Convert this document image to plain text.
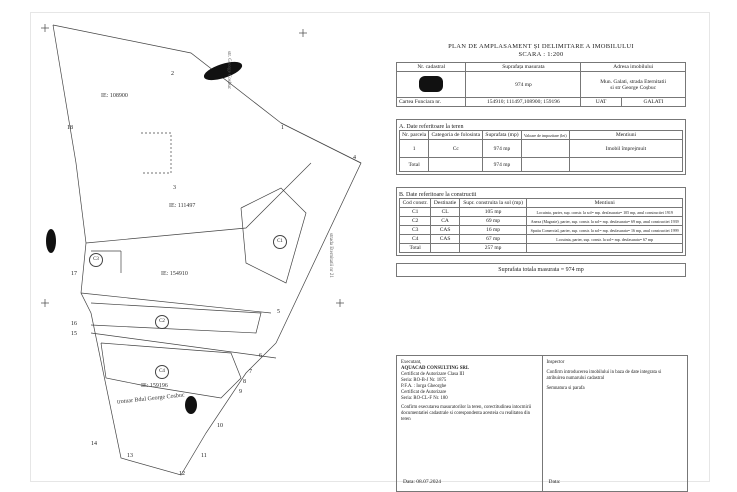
IE: 108900
IE: 111497
IE: 154910
IE: 159196
str. George Cosbuc
strada Eternitatii nr 21
trotuar Bdul George Cosbuc
C1
C2
C3
C4
1
2
3
4
5
6
7
8
9
10
11
12
13
14
15
16
17
18
PLAN DE AMPLASAMENT ȘI DELIMITARE A IMOBILULUI
SCARA : 1:200
Nr. cadastral	Suprafața masurata	Adresa imobilului	
	974 mp	Mun. Galati, strada Eternitatii
si str George Coșbuc	

Cartea Funciara nr.	154910; 111497,108900; 159196	UAT	GALATI
A. Date referitoare la teren
Nr. parcela	Categoria de folosinta	Suprafata (mp)	Valoare de impozitare (lei)	Mentiuni
1	Cc	974 mp		Imobil împrejmuit
Total		974 mp		
B. Date referitoare la constructii
Cod constr.	Destinatie	Supr. construita la sol (mp)	Mentiuni
C1	CL	105 mp	Locuinta, parter, sup. constr. la sol= mp. desfasurata= 105 mp, anul constructiei 1919
C2	CA	69 mp	Anexa (Magazie), parter, sup. constr. la sol= mp. desfasurata= 69 mp, anul constructiei 1939
C3	CAS	16 mp	Spatiu Comercial, parter, sup. constr. la sol= mp. desfasurata= 16 mp, anul constructiei 1999
C4	CAS	67 mp	Locuinta, parter, sup. constr. la sol= mp. desfasurata= 67 mp
Total		257 mp	
Suprafata totala masurata = 974 mp
Executant,
AQUACAD CONSULTING SRL
Certificat de Autorizare Clasa III
Seria: RO-B-J Nr. 1875
P.F.A. : Iorga Gheorghe
Certificat de Autorizare
Seria: RO-CL-F Nr. 180
Confirm executarea masuratorilor la teren, corectitudinea intocmirii
documentatiei cadastrale si corespondenta acesteia cu realitatea din teren
Data: 08.07.2024
Inspector
Confirm introducerea imobilului in baza de date integrata si
atribuirea numarului cadastral
Semnatura si parafa
Data:
